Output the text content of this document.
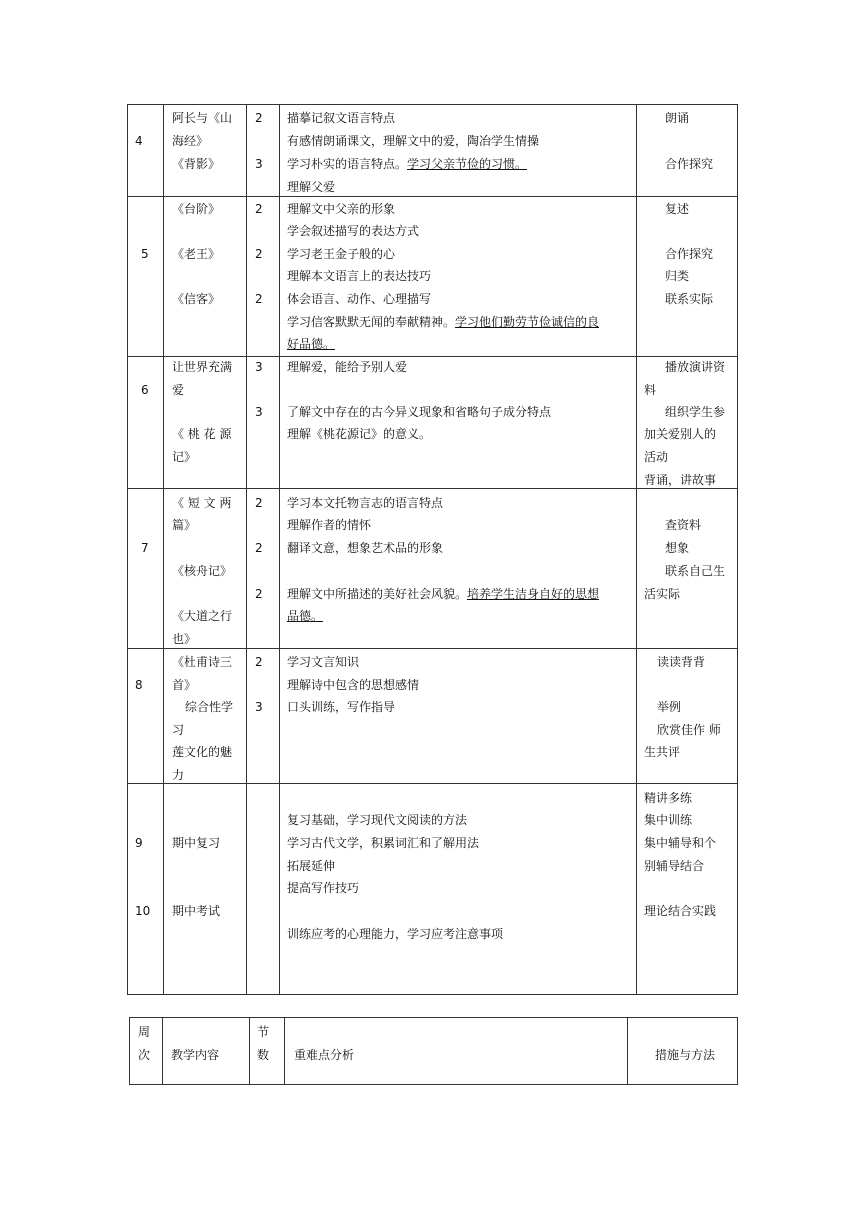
4
阿长与《山
海经》
《背影》
2
3
描摹记叙文语言特点
有感情朗诵课文，理解文中的爱，陶冶学生情操
学习朴实的语言特点。学习父亲节俭的习惯。
理解父爱
朗诵
合作探究
5
《台阶》
《老王》
《信客》
2
2
2
理解文中父亲的形象
学会叙述描写的表达方式
学习老王金子般的心
理解本文语言上的表达技巧
体会语言、动作、心理描写
学习信客默默无闻的奉献精神。学习他们勤劳节俭诚信的良
好品德。
复述
合作探究
归类
联系实际
6
让世界充满
爱
《 桃 花 源
记》
3
3
理解爱，能给予别人爱
了解文中存在的古今异义现象和省略句子成分特点
理解《桃花源记》的意义。
播放演讲资
料
组织学生参
加关爱别人的
活动
背诵，讲故事
7
《 短 文 两
篇》
《核舟记》
《大道之行
也》
2
2
2
学习本文托物言志的语言特点
理解作者的情怀
翻译文意，想象艺术品的形象
理解文中所描述的美好社会风貌。培养学生洁身自好的思想
品德。
查资料
想象
联系自己生
活实际
8
《杜甫诗三
首》
综合性学
习
莲文化的魅
力
2
3
学习文言知识
理解诗中包含的思想感情
口头训练，写作指导
读读背背
举例
欣赏佳作 师
生共评
9
10
期中复习
期中考试
复习基础，学习现代文阅读的方法
学习古代文学，积累词汇和了解用法
拓展延伸
提高写作技巧
训练应考的心理能力，学习应考注意事项
精讲多练
集中训练
集中辅导和个
别辅导结合
理论结合实践
周
次 教学内容
节
数 重难点分析	措施与方法
